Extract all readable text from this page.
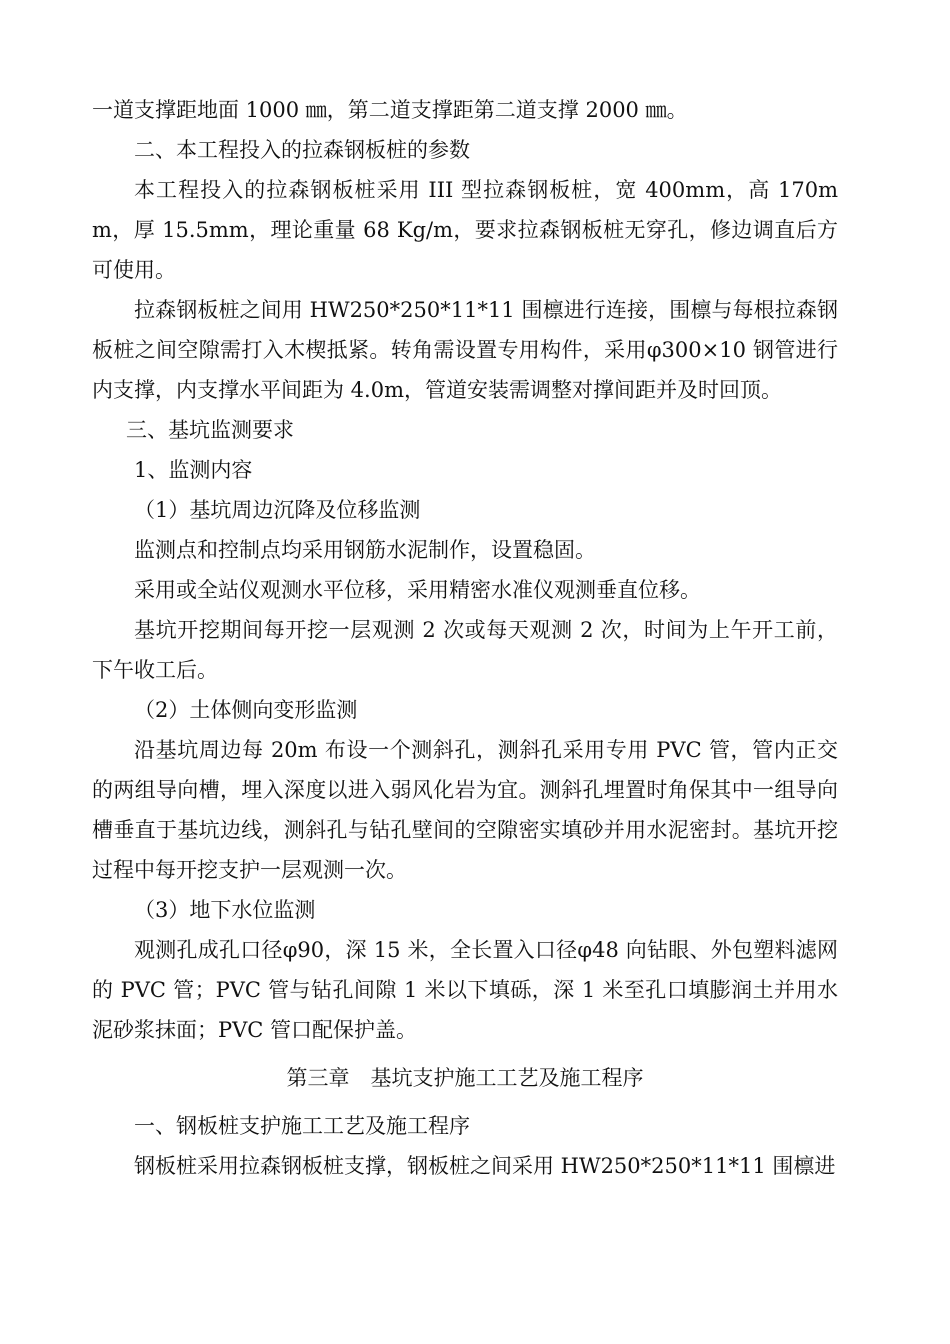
一道支撑距地面 1000 ㎜，第二道支撑距第二道支撑 2000 ㎜。

二、本工程投入的拉森钢板桩的参数

本工程投入的拉森钢板桩采用 III 型拉森钢板桩，宽 400mm，高 170mm，厚 15.5mm，理论重量 68 Kg/m，要求拉森钢板桩无穿孔，修边调直后方可使用。

拉森钢板桩之间用 HW250*250*11*11 围檩进行连接，围檩与每根拉森钢板桩之间空隙需打入木楔抵紧。转角需设置专用构件，采用φ300×10 钢管进行内支撑，内支撑水平间距为 4.0m，管道安装需调整对撑间距并及时回顶。

三、基坑监测要求

1、监测内容

（1）基坑周边沉降及位移监测

监测点和控制点均采用钢筋水泥制作，设置稳固。

采用或全站仪观测水平位移，采用精密水准仪观测垂直位移。

基坑开挖期间每开挖一层观测 2 次或每天观测 2 次，时间为上午开工前，下午收工后。

（2）土体侧向变形监测

沿基坑周边每 20m 布设一个测斜孔，测斜孔采用专用 PVC 管，管内正交的两组导向槽，埋入深度以进入弱风化岩为宜。测斜孔埋置时角保其中一组导向槽垂直于基坑边线，测斜孔与钻孔壁间的空隙密实填砂并用水泥密封。基坑开挖过程中每开挖支护一层观测一次。

（3）地下水位监测

观测孔成孔口径φ90，深 15 米，全长置入口径φ48 向钻眼、外包塑料滤网的 PVC 管；PVC 管与钻孔间隙 1 米以下填砾，深 1 米至孔口填膨润土并用水泥砂浆抹面；PVC 管口配保护盖。

第三章　基坑支护施工工艺及施工程序

一、钢板桩支护施工工艺及施工程序

钢板桩采用拉森钢板桩支撑，钢板桩之间采用 HW250*250*11*11 围檩进
